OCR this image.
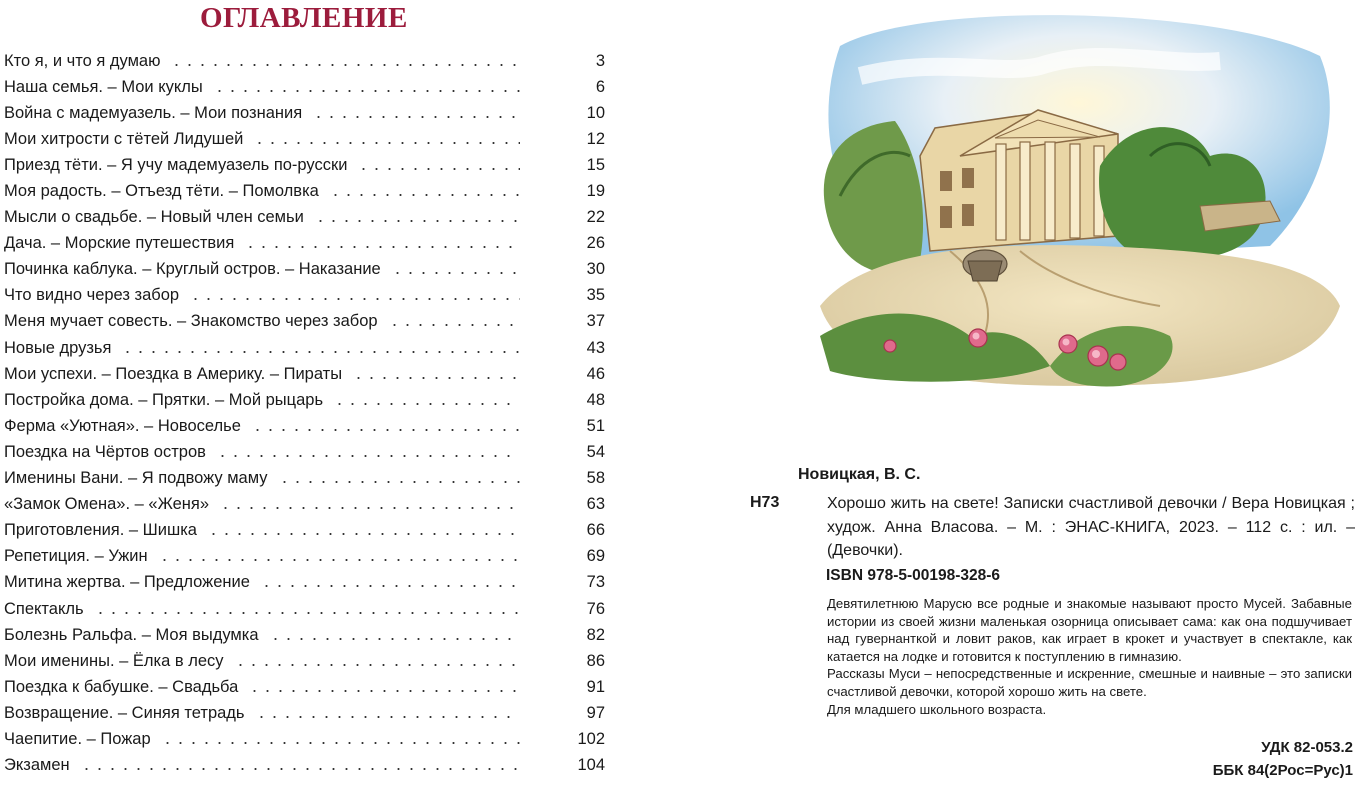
ОГЛАВЛЕНИЕ
Кто я, и что я думаю	3
Наша семья. – Мои куклы	6
Война с мадемуазель. – Мои познания	10
Мои хитрости с тётей Лидушей	12
Приезд тёти. – Я учу мадемуазель по-русски	15
Моя радость. – Отъезд тёти. – Помолвка	19
Мысли о свадьбе. – Новый член семьи	22
Дача. – Морские путешествия	26
Починка каблука. – Круглый остров. – Наказание	30
Что видно через забор	35
Меня мучает совесть. – Знакомство через забор	37
Новые друзья	43
Мои успехи. – Поездка в Америку. – Пираты	46
Постройка дома. – Прятки. – Мой рыцарь	48
Ферма «Уютная». – Новоселье	51
Поездка на Чёртов остров	54
Именины Вани. – Я подвожу маму	58
«Замок Омена». – «Женя»	63
Приготовления. – Шишка	66
Репетиция. – Ужин	69
Митина жертва. – Предложение	73
Спектакль	76
Болезнь Ральфа. – Моя выдумка	82
Мои именины. – Ёлка в лесу	86
Поездка к бабушке. – Свадьба	91
Возвращение. – Синяя тетрадь	97
Чаепитие. – Пожар	102
Экзамен	104
Новицкая, В. С.
Н73	Хорошо жить на свете! Записки счастливой девочки / Вера Новицкая ; худож. Анна Власова. – М. : ЭНАС-КНИГА, 2023. – 112 с. : ил. – (Девочки).
ISBN 978-5-00198-328-6

Девятилетнюю Марусю все родные и знакомые называют просто Мусей. Забавные истории из своей жизни маленькая озорница описывает сама: как она подшучивает над гувернанткой и ловит раков, как играет в крокет и участвует в спектакле, как катается на лодке и готовится к поступлению в гимназию.

Рассказы Муси – непосредственные и искренние, смешные и наивные – это записки счастливой девочки, которой хорошо жить на свете.

Для младшего школьного возраста.

УДК 82-053.2
ББК 84(2Рос=Рус)1
